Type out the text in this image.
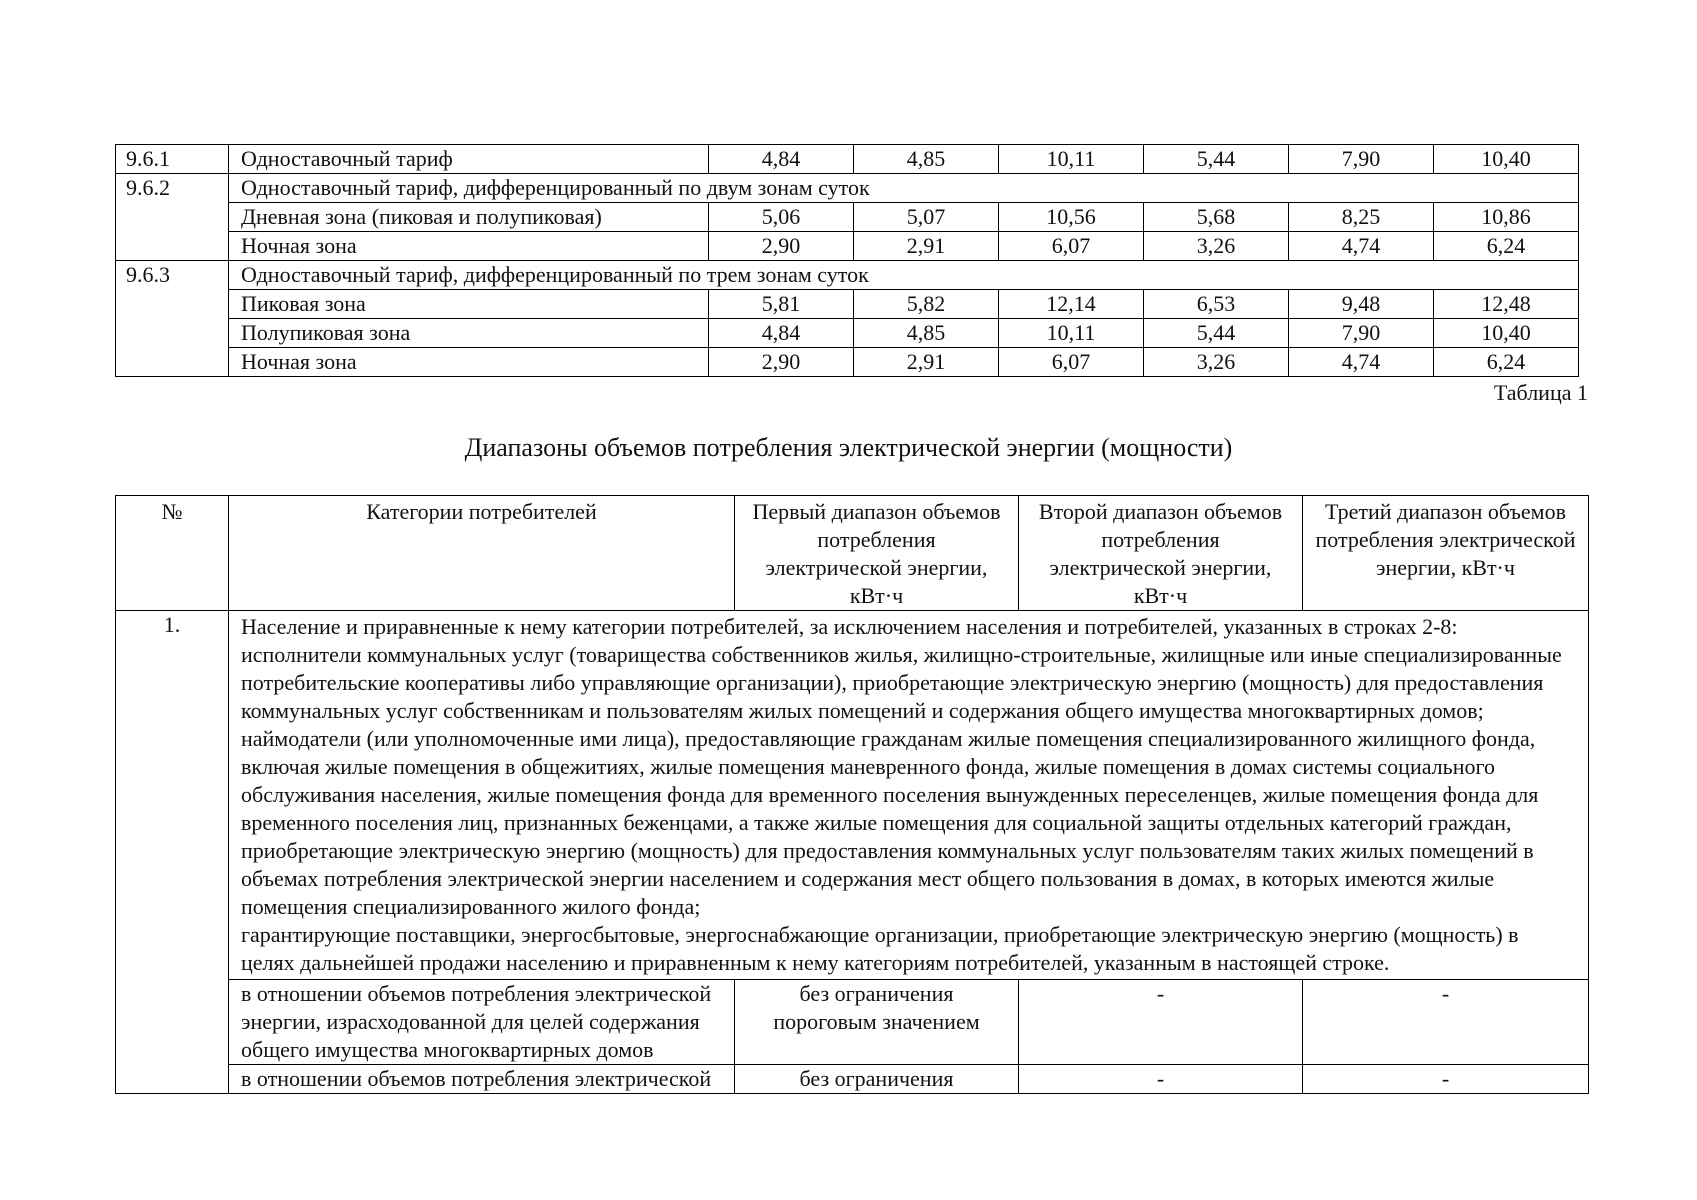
9.6.1	Одноставочный тариф	4,84	4,85	10,11	5,44	7,90	10,40
9.6.2	Одноставочный тариф, дифференцированный по двум зонам суток						
	Дневная зона (пиковая и полупиковая)	5,06	5,07	10,56	5,68	8,25	10,86
	Ночная зона	2,90	2,91	6,07	3,26	4,74	6,24
9.6.3	Одноставочный тариф, дифференцированный по трем зонам суток						
	Пиковая зона	5,81	5,82	12,14	6,53	9,48	12,48
	Полупиковая зона	4,84	4,85	10,11	5,44	7,90	10,40
	Ночная зона	2,90	2,91	6,07	3,26	4,74	6,24
Таблица 1
Диапазоны объемов потребления электрической энергии (мощности)
№	Категории потребителей	Первый диапазон объемов потребления электрической энергии, кВт·ч	Второй диапазон объемов потребления электрической энергии, кВт·ч	Третий диапазон объемов потребления электрической энергии, кВт·ч
1.	Население и приравненные к нему категории потребителей, за исключением населения и потребителей, указанных в строках 2-8:
исполнители коммунальных услуг (товарищества собственников жилья, жилищно-строительные, жилищные или иные специализированные потребительские кооперативы либо управляющие организации), приобретающие электрическую энергию (мощность) для предоставления коммунальных услуг собственникам и пользователям жилых помещений и содержания общего имущества многоквартирных домов;
наймодатели (или уполномоченные ими лица), предоставляющие гражданам жилые помещения специализированного жилищного фонда, включая жилые помещения в общежитиях, жилые помещения маневренного фонда, жилые помещения в домах системы социального обслуживания населения, жилые помещения фонда для временного поселения вынужденных переселенцев, жилые помещения фонда для временного поселения лиц, признанных беженцами, а также жилые помещения для социальной защиты отдельных категорий граждан, приобретающие электрическую энергию (мощность) для предоставления коммунальных услуг пользователям таких жилых помещений в объемах потребления электрической энергии населением и содержания мест общего пользования в домах, в которых имеются жилые помещения специализированного жилого фонда;
гарантирующие поставщики, энергосбытовые, энергоснабжающие организации, приобретающие электрическую энергию (мощность) в целях дальнейшей продажи населению и приравненным к нему категориям потребителей, указанным в настоящей строке.			

	в отношении объемов потребления электрической энергии, израсходованной для целей содержания общего имущества многоквартирных домов	без ограничения пороговым значением	-	-
	в отношении объемов потребления электрической	без ограничения	-	-
